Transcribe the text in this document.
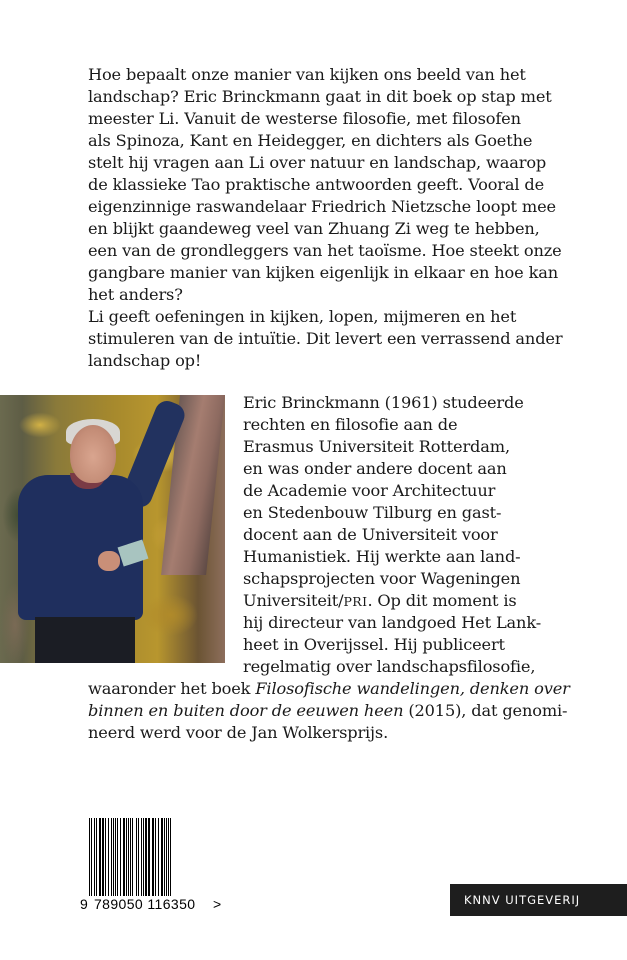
Hoe bepaalt onze manier van kijken ons beeld van het
landschap? Eric Brinckmann gaat in dit boek op stap met
meester Li. Vanuit de westerse filosofie, met filosofen
als Spinoza, Kant en Heidegger, en dichters als Goethe
stelt hij vragen aan Li over natuur en landschap, waarop
de klassieke Tao praktische antwoorden geeft. Vooral de
eigenzinnige raswandelaar Friedrich Nietzsche loopt mee
en blijkt gaandeweg veel van Zhuang Zi weg te hebben,
een van de grondleggers van het taoïsme. Hoe steekt onze
gangbare manier van kijken eigenlijk in elkaar en hoe kan
het anders?
Li geeft oefeningen in kijken, lopen, mijmeren en het
stimuleren van de intuïtie. Dit levert een verrassend ander
landschap op!
Eric Brinckmann (1961) studeerde
rechten en filosofie aan de
Erasmus Universiteit Rotterdam,
en was onder andere docent aan
de Academie voor Architectuur
en Stedenbouw Tilburg en gast-
docent aan de Universiteit voor
Humanistiek. Hij werkte aan land-
schapsprojecten voor Wageningen
Universiteit/PRI. Op dit moment is
hij directeur van landgoed Het Lank-
heet in Overijssel. Hij publiceert
regelmatig over landschapsfilosofie,
waaronder het boek Filosofische wandelingen, denken over
binnen en buiten door de eeuwen heen (2015), dat genomi-
neerd werd voor de Jan Wolkersprijs.
9 789050 116350 >	KNNV UITGEVERIJ
